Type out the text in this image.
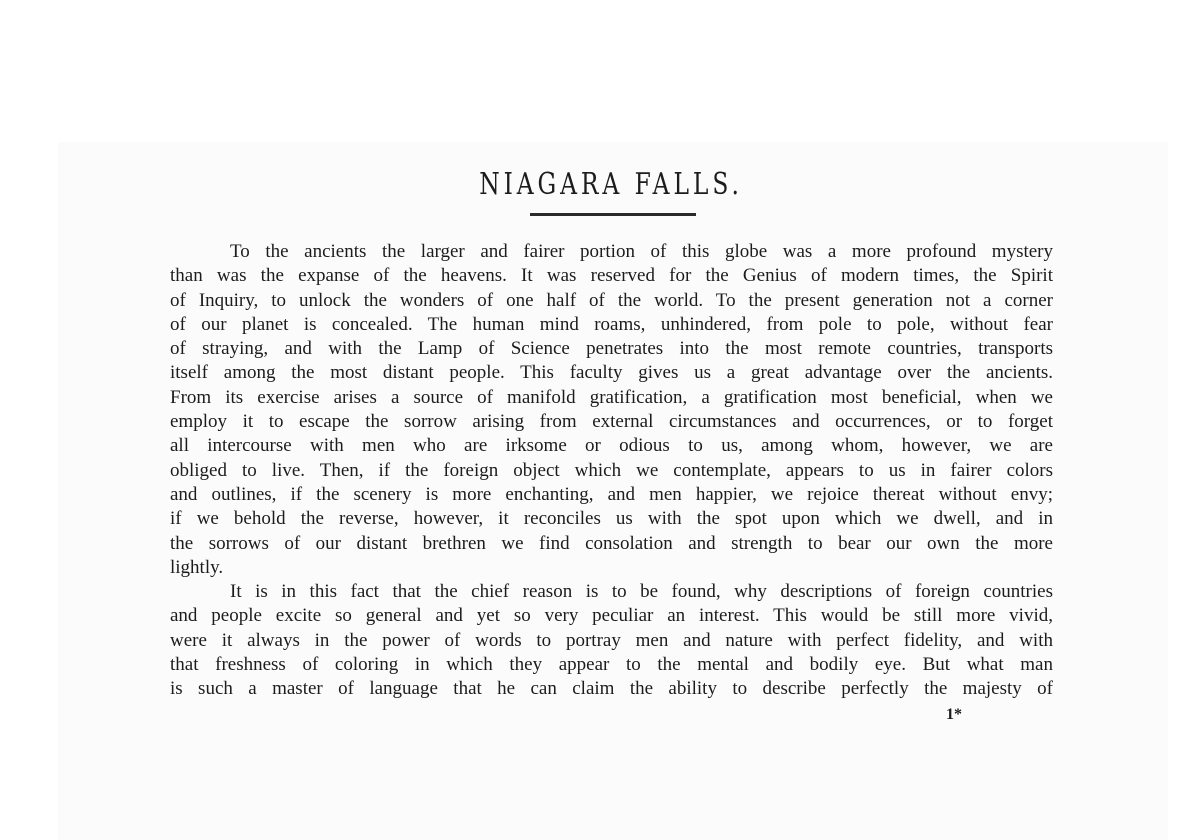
NIAGARA FALLS.
To the ancients the larger and fairer portion of this globe was a more profound mystery
than was the expanse of the heavens. It was reserved for the Genius of modern times, the Spirit
of Inquiry, to unlock the wonders of one half of the world. To the present generation not a corner
of our planet is concealed. The human mind roams, unhindered, from pole to pole, without fear
of straying, and with the Lamp of Science penetrates into the most remote countries, transports
itself among the most distant people. This faculty gives us a great advantage over the ancients.
From its exercise arises a source of manifold gratification, a gratification most beneficial, when we
employ it to escape the sorrow arising from external circumstances and occurrences, or to forget
all intercourse with men who are irksome or odious to us, among whom, however, we are
obliged to live. Then, if the foreign object which we contemplate, appears to us in fairer colors
and outlines, if the scenery is more enchanting, and men happier, we rejoice thereat without envy;
if we behold the reverse, however, it reconciles us with the spot upon which we dwell, and in
the sorrows of our distant brethren we find consolation and strength to bear our own the more
lightly.
It is in this fact that the chief reason is to be found, why descriptions of foreign countries
and people excite so general and yet so very peculiar an interest. This would be still more vivid,
were it always in the power of words to portray men and nature with perfect fidelity, and with
that freshness of coloring in which they appear to the mental and bodily eye. But what man
is such a master of language that he can claim the ability to describe perfectly the majesty of
1*
